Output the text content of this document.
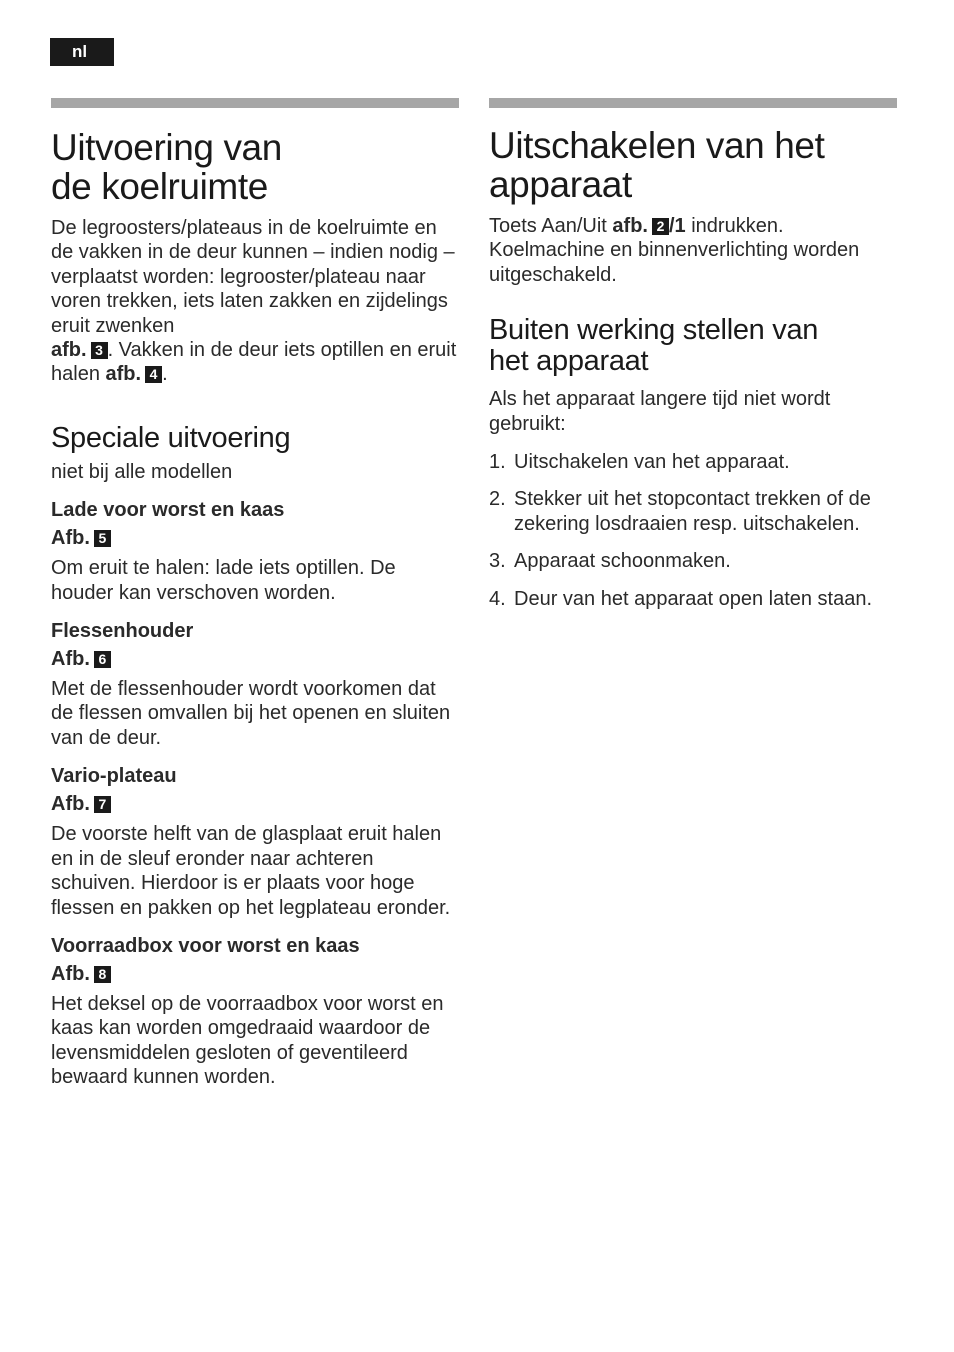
nl
Uitvoering van
de koelruimte

De legroosters/plateaus in de koelruimte en de vakken in de deur kunnen – indien nodig – verplaatst worden: legrooster/plateau naar voren trekken, iets laten zakken en zijdelings eruit zwenken
afb. 3 . Vakken in de deur iets optillen en eruit halen afb. 4 .

Speciale uitvoering

niet bij alle modellen

Lade voor worst en kaas

Afb. 5

Om eruit te halen: lade iets optillen. De houder kan verschoven worden.

Flessenhouder

Afb. 6

Met de flessenhouder wordt voorkomen dat de flessen omvallen bij het openen en sluiten van de deur.

Vario-plateau

Afb. 7

De voorste helft van de glasplaat eruit halen en in de sleuf eronder naar achteren schuiven. Hierdoor is er plaats voor hoge flessen en pakken op het legplateau eronder.

Voorraadbox voor worst en kaas

Afb. 8

Het deksel op de voorraadbox voor worst en kaas kan worden omgedraaid waardoor de levensmiddelen gesloten of geventileerd bewaard kunnen worden.

Uitschakelen van het
apparaat

Toets Aan/Uit afb. 2 /1 indrukken. Koelmachine en binnenverlichting worden uitgeschakeld.

Buiten werking stellen van
het apparaat

Als het apparaat langere tijd niet wordt gebruikt:

1. Uitschakelen van het apparaat.
2. Stekker uit het stopcontact trekken of de zekering losdraaien resp. uitschakelen.
3. Apparaat schoonmaken.
4. Deur van het apparaat open laten staan.
